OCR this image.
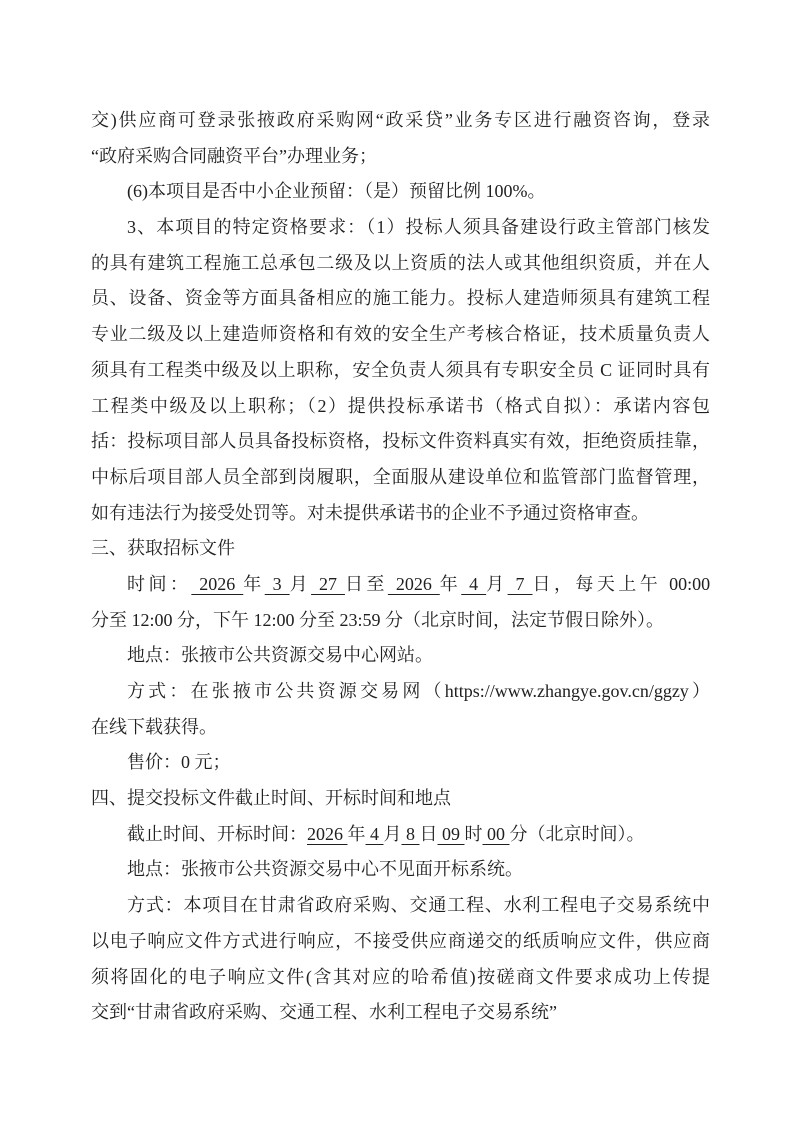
交)供应商可登录张掖政府采购网“政采贷”业务专区进行融资咨询，登录
“政府采购合同融资平台”办理业务；
(6)本项目是否中小企业预留：（是）预留比例 100%。
3、本项目的特定资格要求：（1）投标人须具备建设行政主管部门核发
的具有建筑工程施工总承包二级及以上资质的法人或其他组织资质，并在人
员、设备、资金等方面具备相应的施工能力。投标人建造师须具有建筑工程
专业二级及以上建造师资格和有效的安全生产考核合格证，技术质量负责人
须具有工程类中级及以上职称，安全负责人须具有专职安全员 C 证同时具有
工程类中级及以上职称；（2）提供投标承诺书（格式自拟）：承诺内容包
括：投标项目部人员具备投标资格，投标文件资料真实有效，拒绝资质挂靠，
中标后项目部人员全部到岗履职，全面服从建设单位和监管部门监督管理，
如有违法行为接受处罚等。对未提供承诺书的企业不予通过资格审查。
三、获取招标文件
时间： 2026 年 3 月 27 日至 2026 年 4 月 7 日，每天上午 00:00
分至 12:00 分，下午 12:00 分至 23:59 分（北京时间，法定节假日除外）。
地点：张掖市公共资源交易中心网站。
方式：在张掖市公共资源交易网（https://www.zhangye.gov.cn/ggzy）
在线下载获得。
售价：0 元；
四、提交投标文件截止时间、开标时间和地点
截止时间、开标时间：2026 年 4 月 8 日 09 时 00 分（北京时间）。
地点：张掖市公共资源交易中心不见面开标系统。
方式：本项目在甘肃省政府采购、交通工程、水利工程电子交易系统中
以电子响应文件方式进行响应，不接受供应商递交的纸质响应文件，供应商
须将固化的电子响应文件(含其对应的哈希值)按磋商文件要求成功上传提
交到“甘肃省政府采购、交通工程、水利工程电子交易系统”
